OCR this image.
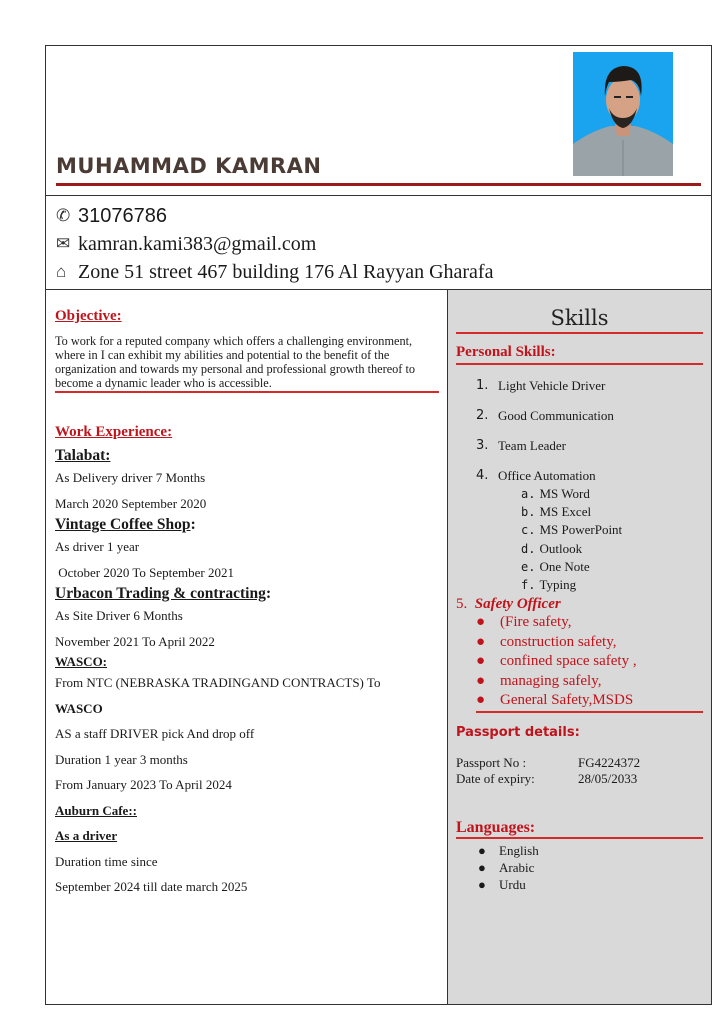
MUHAMMAD KAMRAN
✆ 31076786
✉ kamran.kami383@gmail.com
⌂ Zone 51 street 467 building 176 Al Rayyan Gharafa
Objective:
To work for a reputed company which offers a challenging environment, where in I can exhibit my abilities and potential to the benefit of the organization and towards my personal and professional growth thereof to become a dynamic leader who is accessible.
Work Experience:
Talabat:
As Delivery driver 7 Months
March 2020 September 2020
Vintage Coffee Shop:
As driver 1 year
October 2020 To September 2021
Urbacon Trading & contracting:
As Site Driver 6 Months
November 2021 To April 2022
WASCO:
From NTC (NEBRASKA TRADINGAND CONTRACTS) To
WASCO
AS a staff DRIVER pick And drop off
Duration 1 year 3 months
From January 2023 To April 2024
Auburn Cafe::
As a driver
Duration time since
September 2024 till date march 2025
Skills
Personal Skills:
1. Light Vehicle Driver
2. Good Communication
3. Team Leader
4. Office Automation
a. MS Word
b. MS Excel
c. MS PowerPoint
d. Outlook
e. One Note
f. Typing
5. Safety Officer
● (Fire safety,
● construction safety,
● confined space safety ,
● managing safely,
● General Safety,MSDS
Passport details:
Passport No :	FG4224372
Date of expiry:	28/05/2033
Languages:
● English
● Arabic
● Urdu
